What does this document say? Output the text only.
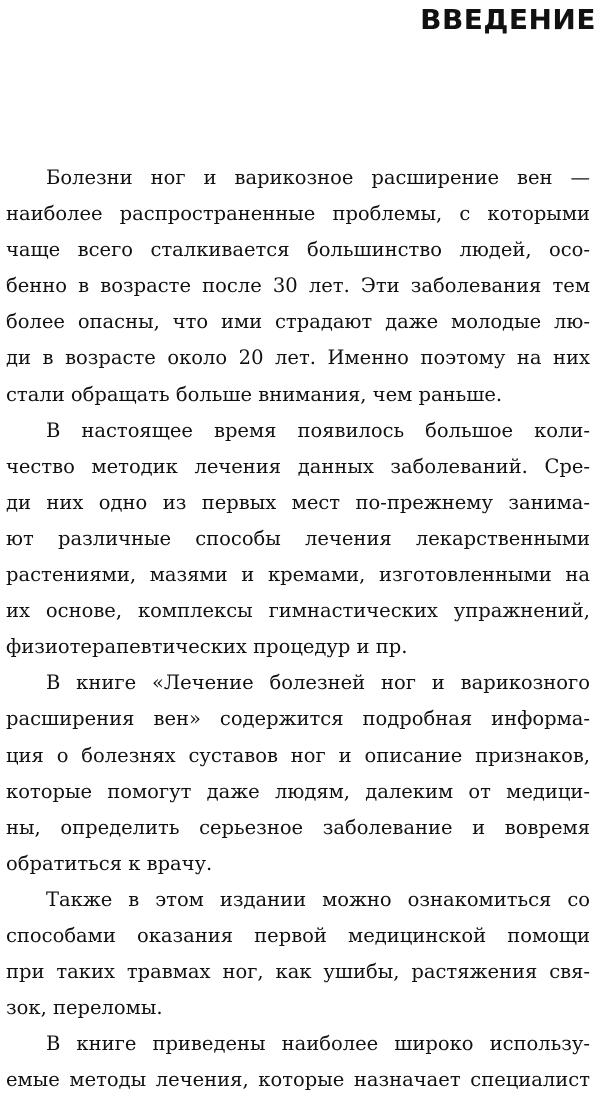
ВВЕДЕНИЕ
Болезни ног и варикозное расширение вен —
наиболее распространенные проблемы, с которыми
чаще всего сталкивается большинство людей, осо-
бенно в возрасте после 30 лет. Эти заболевания тем
более опасны, что ими страдают даже молодые лю-
ди в возрасте около 20 лет. Именно поэтому на них
стали обращать больше внимания, чем раньше.
В настоящее время появилось большое коли-
чество методик лечения данных заболеваний. Сре-
ди них одно из первых мест по-прежнему занима-
ют различные способы лечения лекарственными
растениями, мазями и кремами, изготовленными на
их основе, комплексы гимнастических упражнений,
физиотерапевтических процедур и пр.
В книге «Лечение болезней ног и варикозного
расширения вен» содержится подробная информа-
ция о болезнях суставов ног и описание признаков,
которые помогут даже людям, далеким от медици-
ны, определить серьезное заболевание и вовремя
обратиться к врачу.
Также в этом издании можно ознакомиться со
способами оказания первой медицинской помощи
при таких травмах ног, как ушибы, растяжения свя-
зок, переломы.
В книге приведены наиболее широко использу-
емые методы лечения, которые назначает специалист
